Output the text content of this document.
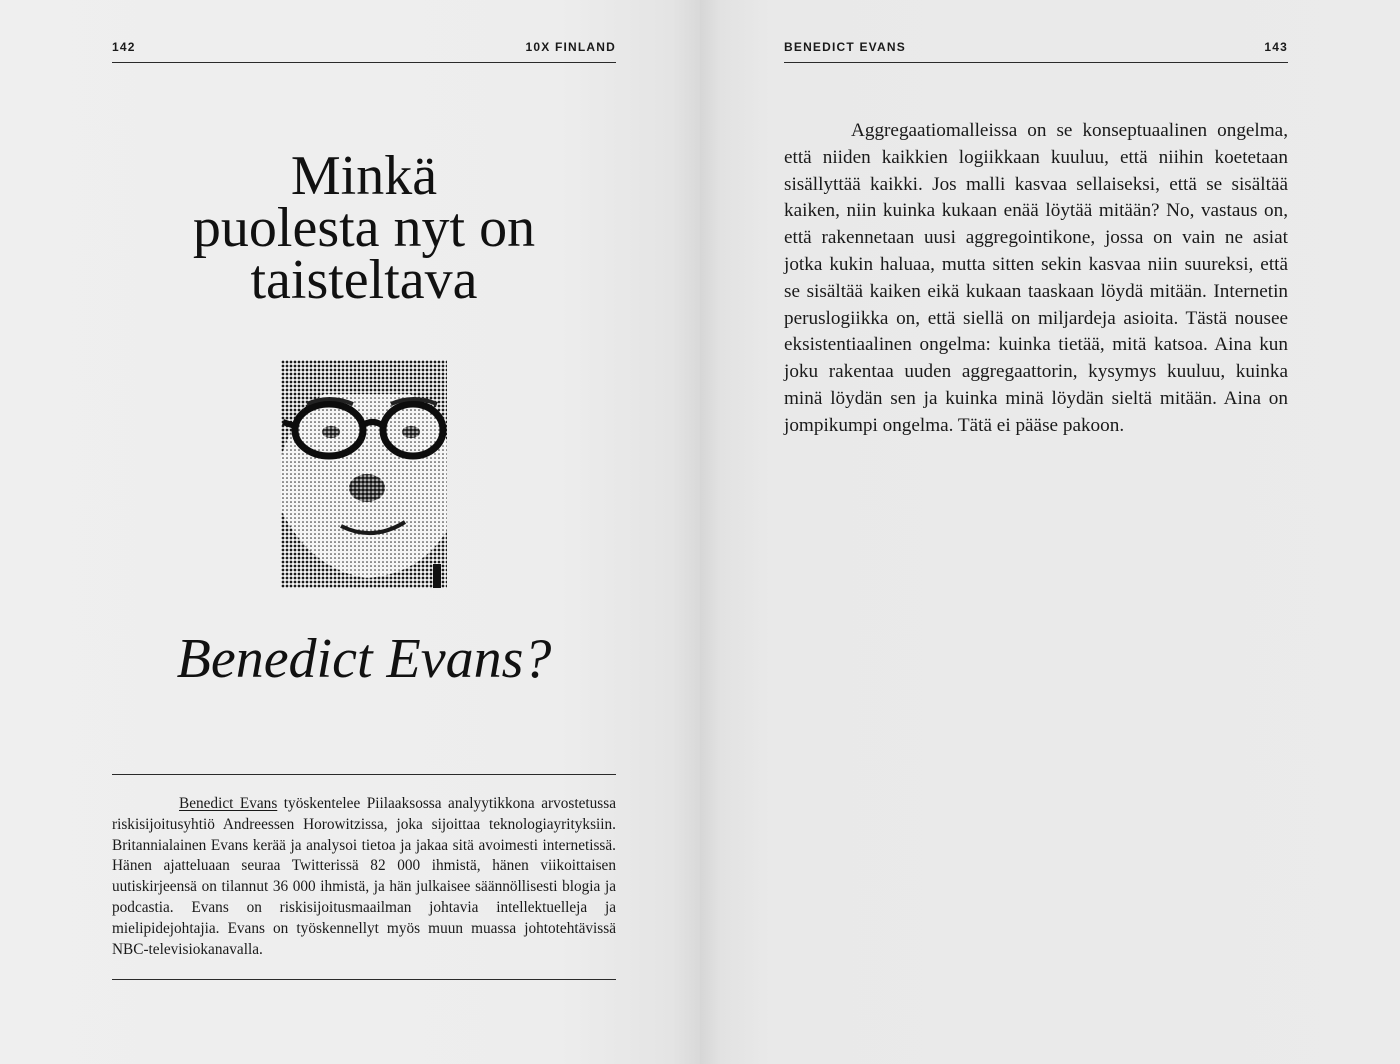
142	10X FINLAND
Minkä
puolesta nyt on
taisteltava
Benedict Evans?

Benedict Evans työskentelee Piilaaksossa analyytikkona arvostetussa riskisijoitusyhtiö Andreessen Horowitzissa, joka sijoittaa teknologiayrityksiin. Britannialainen Evans kerää ja analysoi tietoa ja jakaa sitä avoimesti internetissä. Hänen ajatteluaan seuraa Twitterissä 82 000 ihmistä, hänen viikoittaisen uutiskirjeensä on tilannut 36 000 ihmistä, ja hän julkaisee säännöllisesti blogia ja podcastia. Evans on riskisijoitusmaailman johtavia intellektuelleja ja mielipidejohtajia. Evans on työskennellyt myös muun muassa johtotehtävissä NBC-televisiokanavalla.

BENEDICT EVANS	143

Aggregaatiomalleissa on se konseptuaalinen ongelma, että niiden kaikkien logiikkaan kuuluu, että niihin koetetaan sisällyttää kaikki. Jos malli kasvaa sellaiseksi, että se sisältää kaiken, niin kuinka kukaan enää löytää mitään? No, vastaus on, että rakennetaan uusi aggregointikone, jossa on vain ne asiat jotka kukin haluaa, mutta sitten sekin kasvaa niin suureksi, että se sisältää kaiken eikä kukaan taaskaan löydä mitään. Internetin peruslogiikka on, että siellä on miljardeja asioita. Tästä nousee eksistentiaalinen ongelma: kuinka tietää, mitä katsoa. Aina kun joku rakentaa uuden aggregaattorin, kysymys kuuluu, kuinka minä löydän sen ja kuinka minä löydän sieltä mitään. Aina on jompikumpi ongelma. Tätä ei pääse pakoon.
